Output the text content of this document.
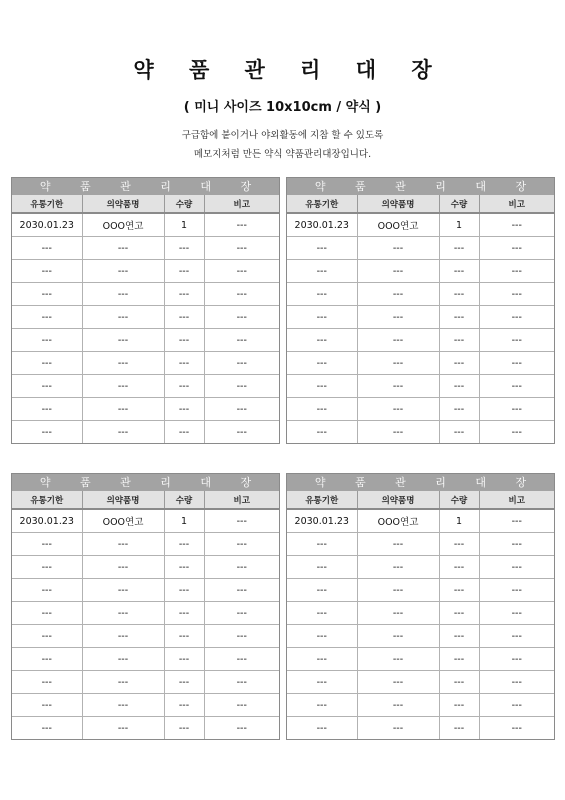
약 품 관 리 대 장
( 미니 사이즈 10x10cm / 약식 )
구급함에 붙이거나 야외활동에 지참 할 수 있도록
메모지처럼 만든 약식 약품관리대장입니다.
약 품 관 리 대 장
유통기한	의약품명	수량	비고
2030.01.23	OOO연고	1	---
---	---	---	---
---	---	---	---
---	---	---	---
---	---	---	---
---	---	---	---
---	---	---	---
---	---	---	---
---	---	---	---
---	---	---	---
약 품 관 리 대 장
유통기한	의약품명	수량	비고
2030.01.23	OOO연고	1	---
---	---	---	---
---	---	---	---
---	---	---	---
---	---	---	---
---	---	---	---
---	---	---	---
---	---	---	---
---	---	---	---
---	---	---	---
약 품 관 리 대 장
유통기한	의약품명	수량	비고
2030.01.23	OOO연고	1	---
---	---	---	---
---	---	---	---
---	---	---	---
---	---	---	---
---	---	---	---
---	---	---	---
---	---	---	---
---	---	---	---
---	---	---	---
약 품 관 리 대 장
유통기한	의약품명	수량	비고
2030.01.23	OOO연고	1	---
---	---	---	---
---	---	---	---
---	---	---	---
---	---	---	---
---	---	---	---
---	---	---	---
---	---	---	---
---	---	---	---
---	---	---	---
